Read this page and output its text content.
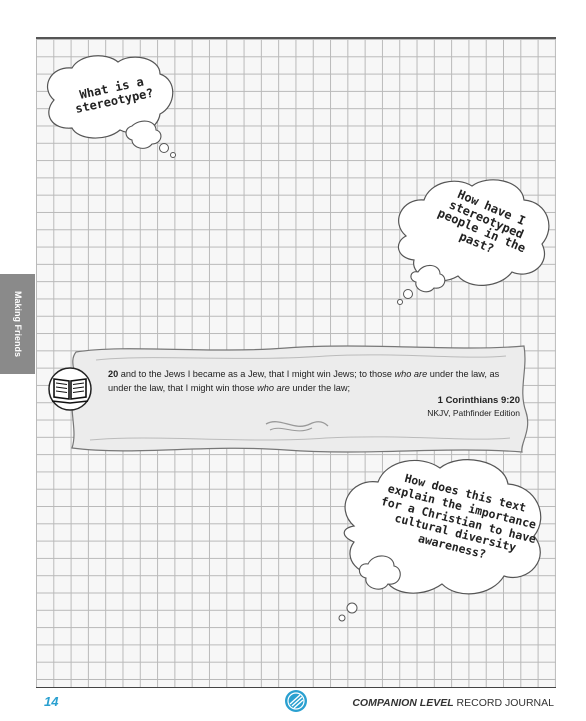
Making Friends
What is a stereotype?
How have I stereotyped people in the past?
20 and to the Jews I became as a Jew, that I might win Jews; to those who are under the law, as under the law, that I might win those who are under the law;
1 Corinthians 9:20
NKJV, Pathfinder Edition
How does this text explain the importance for a Christian to have cultural diversity awareness?
14	COMPANION LEVEL RECORD JOURNAL
